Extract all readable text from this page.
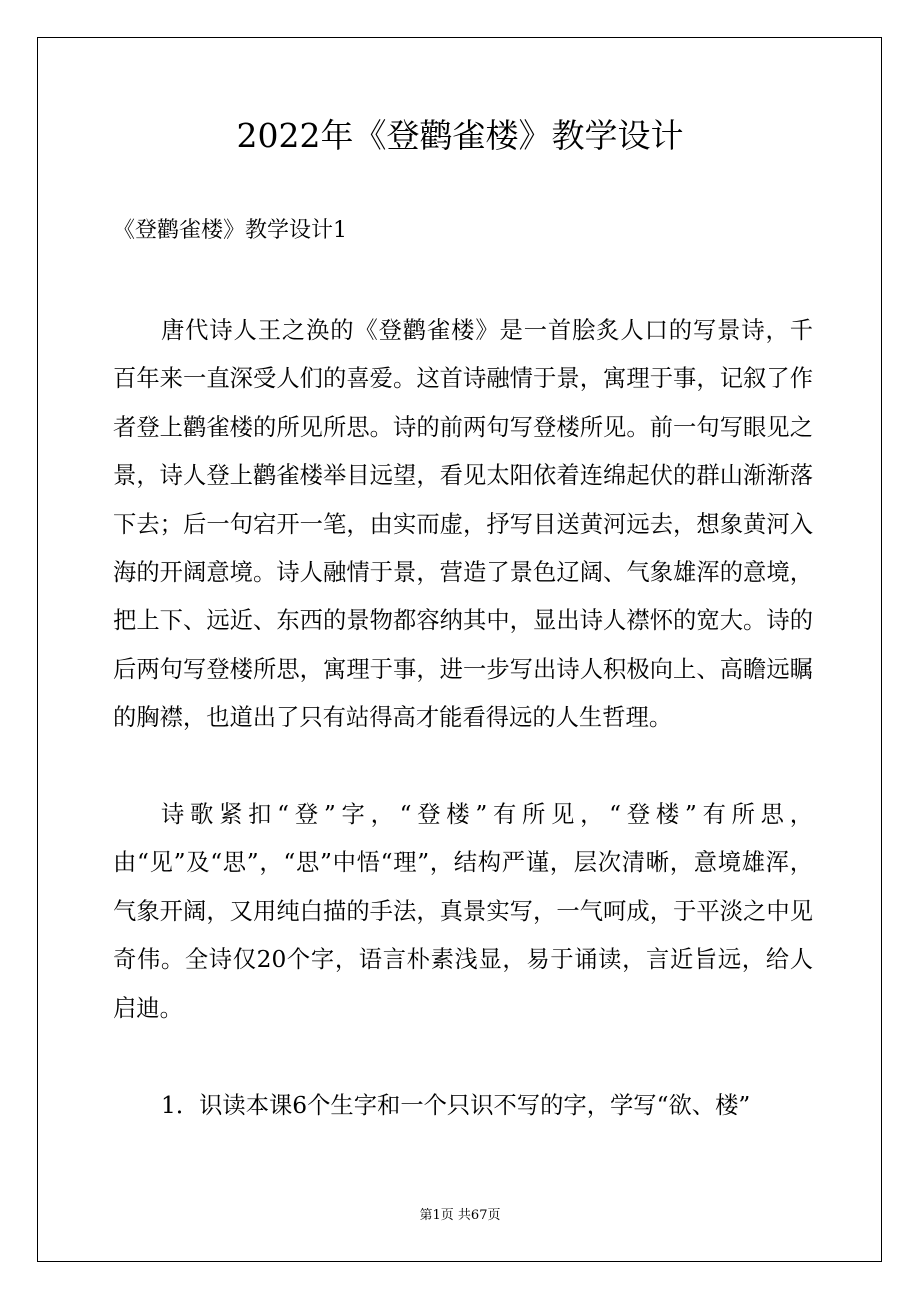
2022年《登鹳雀楼》教学设计

《登鹳雀楼》教学设计1

唐代诗人王之涣的《登鹳雀楼》是一首脍炙人口的写景诗，千百年来一直深受人们的喜爱。这首诗融情于景，寓理于事，记叙了作者登上鹳雀楼的所见所思。诗的前两句写登楼所见。前一句写眼见之景，诗人登上鹳雀楼举目远望，看见太阳依着连绵起伏的群山渐渐落下去；后一句宕开一笔，由实而虚，抒写目送黄河远去，想象黄河入海的开阔意境。诗人融情于景，营造了景色辽阔、气象雄浑的意境，把上下、远近、东西的景物都容纳其中，显出诗人襟怀的宽大。诗的后两句写登楼所思，寓理于事，进一步写出诗人积极向上、高瞻远瞩的胸襟，也道出了只有站得高才能看得远的人生哲理。

诗歌紧扣“登”字，“登楼”有所见，“登楼”有所思，由“见”及“思”，“思”中悟“理”，结构严谨，层次清晰，意境雄浑，气象开阔，又用纯白描的手法，真景实写，一气呵成，于平淡之中见奇伟。全诗仅20个字，语言朴素浅显，易于诵读，言近旨远，给人启迪。

1．识读本课6个生字和一个只识不写的字，学写“欲、楼”

第1页 共67页
